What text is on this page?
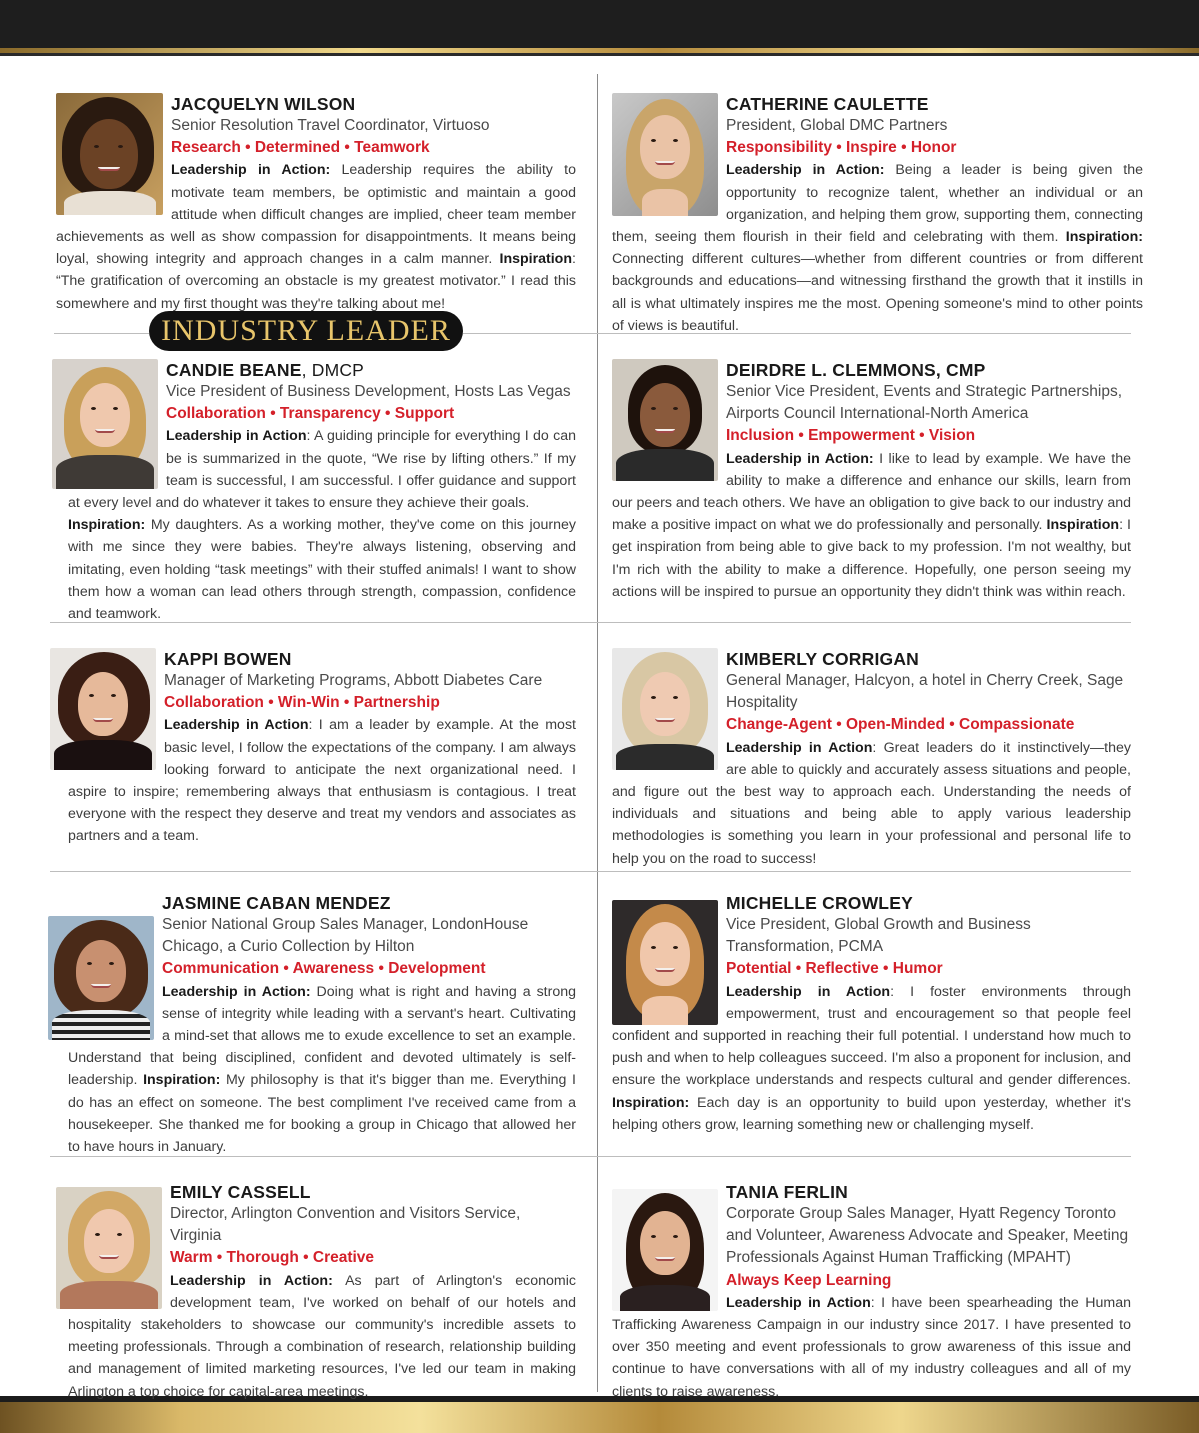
INDUSTRY LEADER
JACQUELYN WILSON
Senior Resolution Travel Coordinator, Virtuoso
Research • Determined • Teamwork
Leadership in Action: Leadership requires the ability to motivate team members, be optimistic and maintain a good attitude when difficult changes are implied, cheer team member achievements as well as show compassion for disappointments. It means being loyal, showing integrity and approach changes in a calm manner. Inspiration: “The gratification of overcoming an obstacle is my greatest motivator.” I read this somewhere and my first thought was they're talking about me!
CATHERINE CAULETTE
President, Global DMC Partners
Responsibility • Inspire • Honor
Leadership in Action: Being a leader is being given the opportunity to recognize talent, whether an individual or an organization, and helping them grow, supporting them, connecting them, seeing them flourish in their field and celebrating with them. Inspiration: Connecting different cultures—whether from different countries or from different backgrounds and educations—and witnessing firsthand the growth that it instills in all is what ultimately inspires me the most. Opening someone's mind to other points of views is beautiful.
CANDIE BEANE, DMCP
Vice President of Business Development, Hosts Las Vegas
Collaboration • Transparency • Support
Leadership in Action: A guiding principle for everything I do can be is summarized in the quote, “We rise by lifting others.” If my team is successful, I am successful. I offer guidance and support at every level and do whatever it takes to ensure they achieve their goals.
Inspiration: My daughters. As a working mother, they've come on this journey with me since they were babies. They're always listening, observing and imitating, even holding “task meetings” with their stuffed animals! I want to show them how a woman can lead others through strength, compassion, confidence and teamwork.
DEIRDRE L. CLEMMONS, CMP
Senior Vice President, Events and Strategic Partnerships, Airports Council International-North America
Inclusion • Empowerment • Vision
Leadership in Action: I like to lead by example. We have the ability to make a difference and enhance our skills, learn from our peers and teach others. We have an obligation to give back to our industry and make a positive impact on what we do professionally and personally. Inspiration: I get inspiration from being able to give back to my profession. I'm not wealthy, but I'm rich with the ability to make a difference. Hopefully, one person seeing my actions will be inspired to pursue an opportunity they didn't think was within reach.
KAPPI BOWEN
Manager of Marketing Programs, Abbott Diabetes Care
Collaboration • Win-Win • Partnership
Leadership in Action: I am a leader by example. At the most basic level, I follow the expectations of the company. I am always looking forward to anticipate the next organizational need. I aspire to inspire; remembering always that enthusiasm is contagious. I treat everyone with the respect they deserve and treat my vendors and associates as partners and a team.
KIMBERLY CORRIGAN
General Manager, Halcyon, a hotel in Cherry Creek, Sage Hospitality
Change-Agent • Open-Minded • Compassionate
Leadership in Action: Great leaders do it instinctively—they are able to quickly and accurately assess situations and people, and figure out the best way to approach each. Understanding the needs of individuals and situations and being able to apply various leadership methodologies is something you learn in your professional and personal life to help you on the road to success!
JASMINE CABAN MENDEZ
Senior National Group Sales Manager, LondonHouse Chicago, a Curio Collection by Hilton
Communication • Awareness • Development
Leadership in Action: Doing what is right and having a strong sense of integrity while leading with a servant's heart. Cultivating a mind-set that allows me to exude excellence to set an example. Understand that being disciplined, confident and devoted ultimately is self-leadership. Inspiration: My philosophy is that it's bigger than me. Everything I do has an effect on someone. The best compliment I've received came from a housekeeper. She thanked me for booking a group in Chicago that allowed her to have hours in January.
MICHELLE CROWLEY
Vice President, Global Growth and Business Transformation, PCMA
Potential • Reflective • Humor
Leadership in Action: I foster environments through empowerment, trust and encouragement so that people feel confident and supported in reaching their full potential. I understand how much to push and when to help colleagues succeed. I'm also a proponent for inclusion, and ensure the workplace understands and respects cultural and gender differences. Inspiration: Each day is an opportunity to build upon yesterday, whether it's helping others grow, learning something new or challenging myself.
EMILY CASSELL
Director, Arlington Convention and Visitors Service, Virginia
Warm • Thorough • Creative
Leadership in Action: As part of Arlington's economic development team, I've worked on behalf of our hotels and hospitality stakeholders to showcase our community's incredible assets to meeting professionals. Through a combination of research, relationship building and management of limited marketing resources, I've led our team in making Arlington a top choice for capital-area meetings.
TANIA FERLIN
Corporate Group Sales Manager, Hyatt Regency Toronto and Volunteer, Awareness Advocate and Speaker, Meeting Professionals Against Human Trafficking (MPAHT)
Always Keep Learning
Leadership in Action: I have been spearheading the Human Trafficking Awareness Campaign in our industry since 2017. I have presented to over 350 meeting and event professionals to grow awareness of this issue and continue to have conversations with all of my industry colleagues and all of my clients to raise awareness.
